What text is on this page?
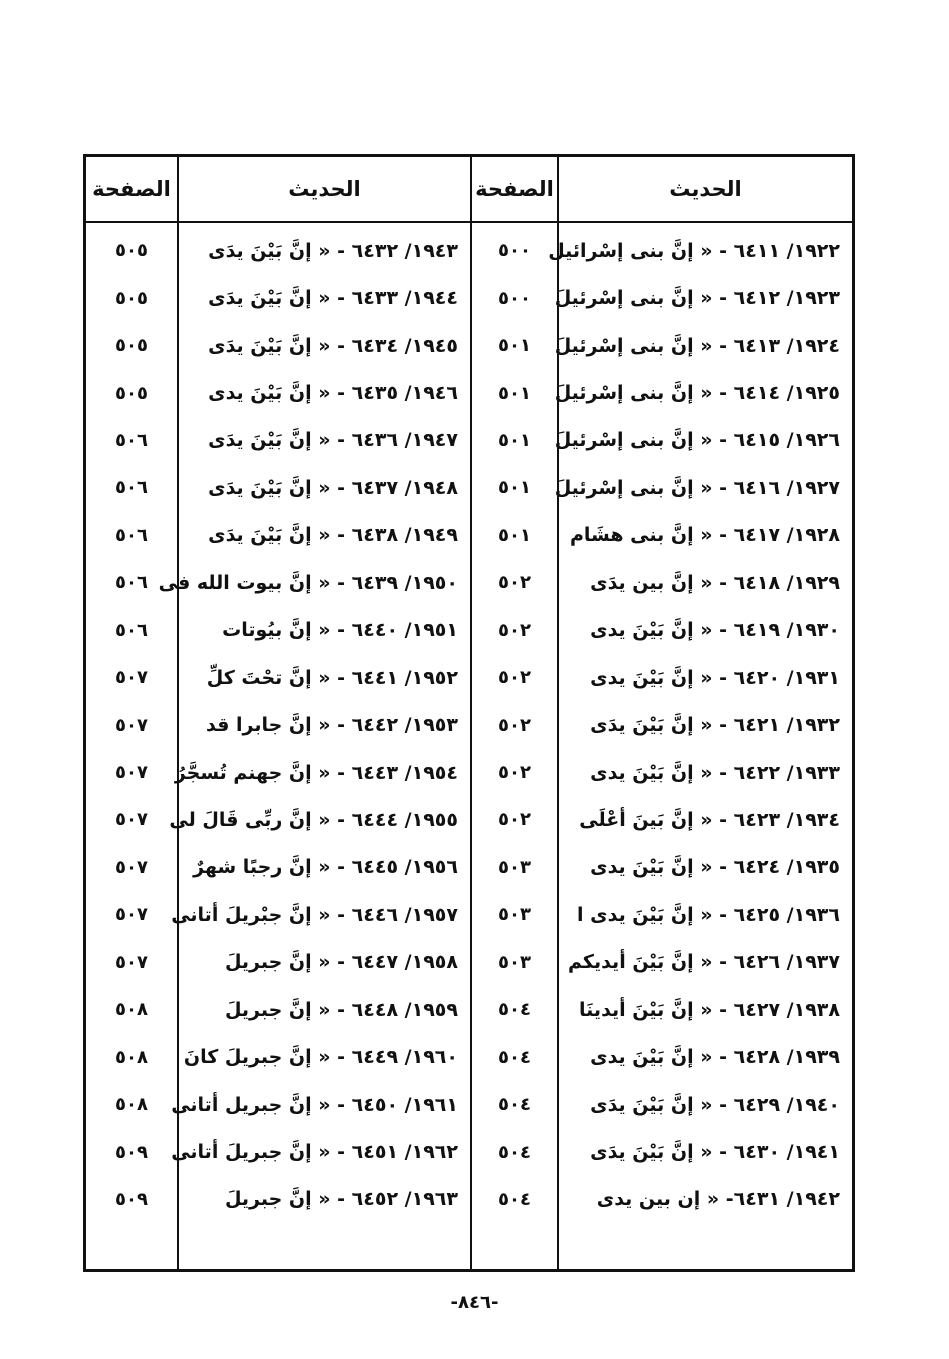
الحديث
الصفحة
الحديث
الصفحة
١٩٢٢/ ٦٤١١ - « إنَّ بنى إسْرائيل
٥٠٠
١٩٤٣/ ٦٤٣٢ - « إنَّ بَيْنَ يدَى
٥٠٥
١٩٢٣/ ٦٤١٢ - « إنَّ بنى إسْرئيلَ
٥٠٠
١٩٤٤/ ٦٤٣٣ - « إنَّ بَيْنَ يدَى
٥٠٥
١٩٢٤/ ٦٤١٣ - « إنَّ بنى إسْرئيلَ
٥٠١
١٩٤٥/ ٦٤٣٤ - « إنَّ بَيْنَ يدَى
٥٠٥
١٩٢٥/ ٦٤١٤ - « إنَّ بنى إسْرئيلَ
٥٠١
١٩٤٦/ ٦٤٣٥ - « إنَّ بَيْنَ يدى
٥٠٥
١٩٢٦/ ٦٤١٥ - « إنَّ بنى إسْرئيلَ
٥٠١
١٩٤٧/ ٦٤٣٦ - « إنَّ بَيْنَ يدَى
٥٠٦
١٩٢٧/ ٦٤١٦ - « إنَّ بنى إسْرئيلَ
٥٠١
١٩٤٨/ ٦٤٣٧ - « إنَّ بَيْنَ يدَى
٥٠٦
١٩٢٨/ ٦٤١٧ - « إنَّ بنى هشَام
٥٠١
١٩٤٩/ ٦٤٣٨ - « إنَّ بَيْنَ يدَى
٥٠٦
١٩٢٩/ ٦٤١٨ - « إنَّ بين يدَى
٥٠٢
١٩٥٠/ ٦٤٣٩ - « إنَّ بيوت الله فى
٥٠٦
١٩٣٠/ ٦٤١٩ - « إنَّ بَيْنَ يدى
٥٠٢
١٩٥١/ ٦٤٤٠ - « إنَّ بيُوتات
٥٠٦
١٩٣١/ ٦٤٢٠ - « إنَّ بَيْنَ يدى
٥٠٢
١٩٥٢/ ٦٤٤١ - « إنَّ تحْتَ كلِّ
٥٠٧
١٩٣٢/ ٦٤٢١ - « إنَّ بَيْنَ يدَى
٥٠٢
١٩٥٣/ ٦٤٤٢ - « إنَّ جابرا قد
٥٠٧
١٩٣٣/ ٦٤٢٢ - « إنَّ بَيْنَ يدى
٥٠٢
١٩٥٤/ ٦٤٤٣ - « إنَّ جهنم تُسجَّرُ
٥٠٧
١٩٣٤/ ٦٤٢٣ - « إنَّ بَينَ أعْلَى
٥٠٢
١٩٥٥/ ٦٤٤٤ - « إنَّ ربِّى قَالَ لى
٥٠٧
١٩٣٥/ ٦٤٢٤ - « إنَّ بَيْنَ يدى
٥٠٣
١٩٥٦/ ٦٤٤٥ - « إنَّ رجبًا شهرٌ
٥٠٧
١٩٣٦/ ٦٤٢٥ - « إنَّ بَيْنَ يدى ا
٥٠٣
١٩٥٧/ ٦٤٤٦ - « إنَّ جبْريلَ أتانى
٥٠٧
١٩٣٧/ ٦٤٢٦ - « إنَّ بَيْنَ أيديكم
٥٠٣
١٩٥٨/ ٦٤٤٧ - « إنَّ جبريلَ
٥٠٧
١٩٣٨/ ٦٤٢٧ - « إنَّ بَيْنَ أيدينَا
٥٠٤
١٩٥٩/ ٦٤٤٨ - « إنَّ جبريلَ
٥٠٨
١٩٣٩/ ٦٤٢٨ - « إنَّ بَيْنَ يدى
٥٠٤
١٩٦٠/ ٦٤٤٩ - « إنَّ جبريلَ كانَ
٥٠٨
١٩٤٠/ ٦٤٢٩ - « إنَّ بَيْنَ يدَى
٥٠٤
١٩٦١/ ٦٤٥٠ - « إنَّ جبريل أتانى
٥٠٨
١٩٤١/ ٦٤٣٠ - « إنَّ بَيْنَ يدَى
٥٠٤
١٩٦٢/ ٦٤٥١ - « إنَّ جبريلَ أتانى
٥٠٩
١٩٤٢/ ٦٤٣١- « إن بين يدى
٥٠٤
١٩٦٣/ ٦٤٥٢ - « إنَّ جبريلَ
٥٠٩
-٨٤٦-
